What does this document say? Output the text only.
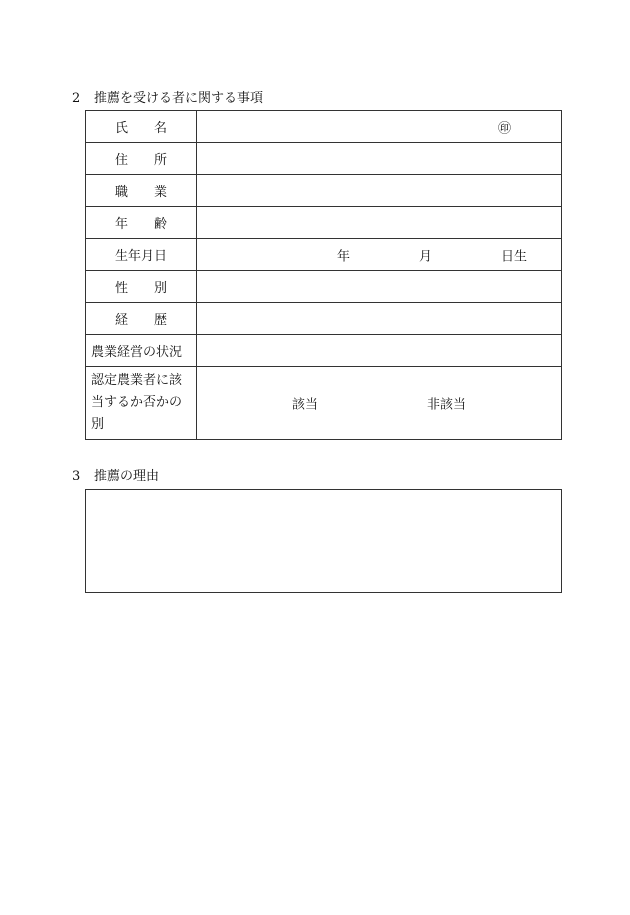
2 推薦を受ける者に関する事項
氏 名	㊞

住 所	
職 業	
年 齢	
生年月日	年 月 日生

性 別	
経 歴	
農業経営の状況	

認定農業者に該
当するか否かの
別	該当 非該当
3 推薦の理由
